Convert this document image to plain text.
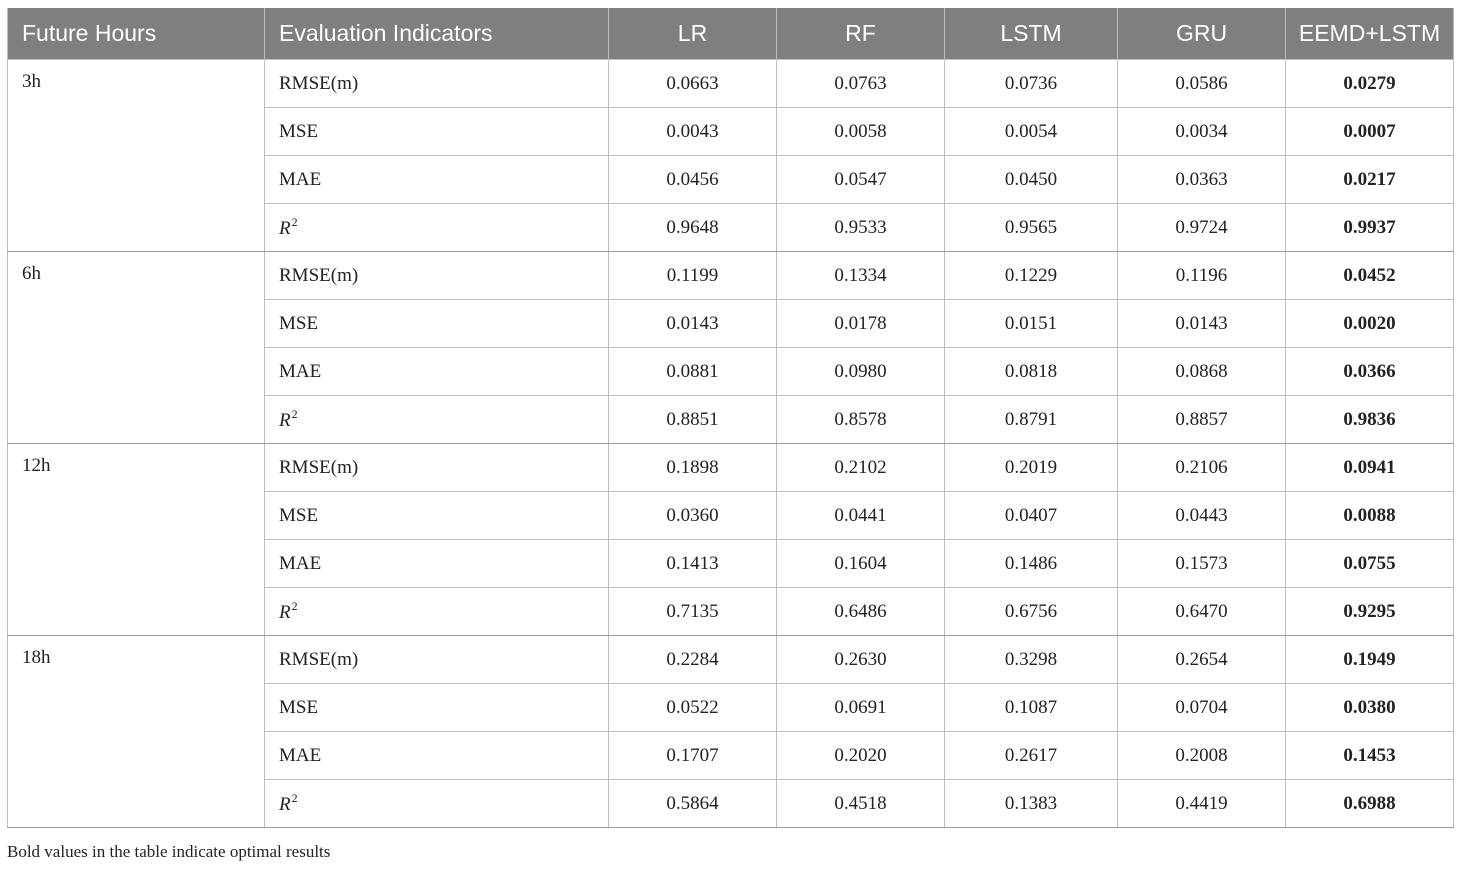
Future Hours	Evaluation Indicators	LR	RF	LSTM	GRU	EEMD+LSTM
3h	RMSE(m)	0.0663	0.0763	0.0736	0.0586	0.0279
	MSE	0.0043	0.0058	0.0054	0.0034	0.0007
	MAE	0.0456	0.0547	0.0450	0.0363	0.0217
	$R^2$	0.9648	0.9533	0.9565	0.9724	0.9937
6h	RMSE(m)	0.1199	0.1334	0.1229	0.1196	0.0452
	MSE	0.0143	0.0178	0.0151	0.0143	0.0020
	MAE	0.0881	0.0980	0.0818	0.0868	0.0366
	$R^2$	0.8851	0.8578	0.8791	0.8857	0.9836
12h	RMSE(m)	0.1898	0.2102	0.2019	0.2106	0.0941
	MSE	0.0360	0.0441	0.0407	0.0443	0.0088
	MAE	0.1413	0.1604	0.1486	0.1573	0.0755
	$R^2$	0.7135	0.6486	0.6756	0.6470	0.9295
18h	RMSE(m)	0.2284	0.2630	0.3298	0.2654	0.1949
	MSE	0.0522	0.0691	0.1087	0.0704	0.0380
	MAE	0.1707	0.2020	0.2617	0.2008	0.1453
	$R^2$	0.5864	0.4518	0.1383	0.4419	0.6988
Bold values in the table indicate optimal results
